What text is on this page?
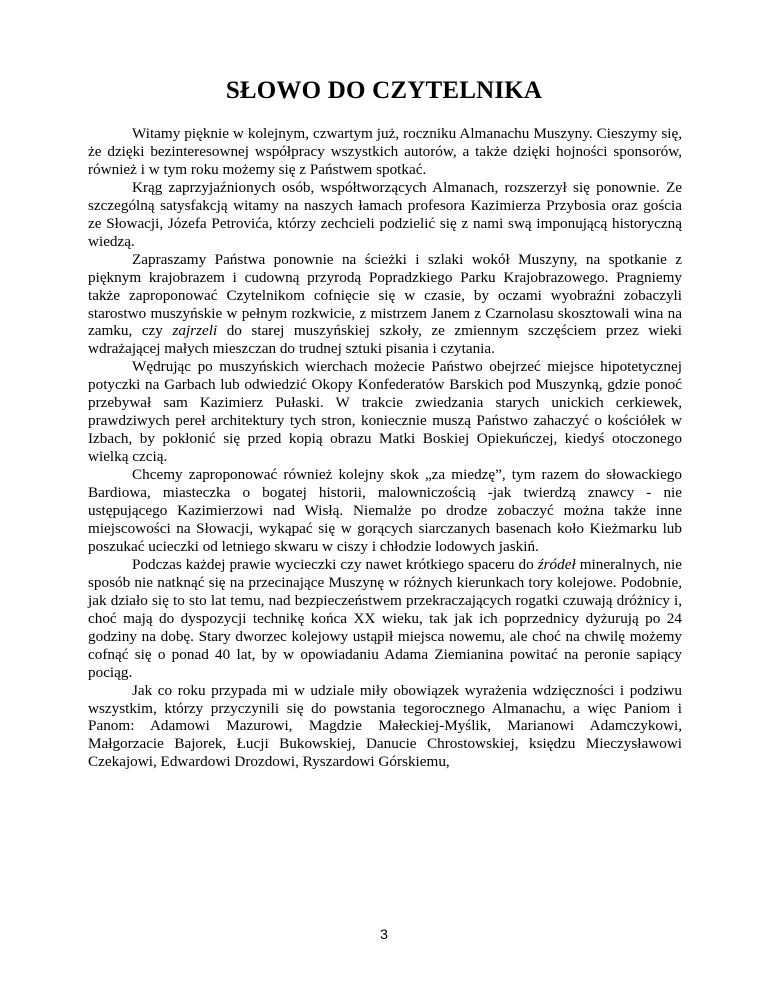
SŁOWO DO CZYTELNIKA

Witamy pięknie w kolejnym, czwartym już, roczniku Almanachu Muszyny. Cieszymy się, że dzięki bezinteresownej współpracy wszystkich autorów, a także dzięki hojności sponsorów, również i w tym roku możemy się z Państwem spotkać.

Krąg zaprzyjaźnionych osób, współtworzących Almanach, rozszerzył się ponownie. Ze szczególną satysfakcją witamy na naszych łamach profesora Kazimierza Przybosia oraz gościa ze Słowacji, Józefa Petrovića, którzy zechcieli podzielić się z nami swą imponującą historyczną wiedzą.

Zapraszamy Państwa ponownie na ścieżki i szlaki wokół Muszyny, na spotkanie z pięknym krajobrazem i cudowną przyrodą Popradzkiego Parku Krajobrazowego. Pragniemy także zaproponować Czytelnikom cofnięcie się w czasie, by oczami wyobraźni zobaczyli starostwo muszyńskie w pełnym rozkwicie, z mistrzem Janem z Czarnolasu skosztowali wina na zamku, czy zajrzeli do starej muszyńskiej szkoły, ze zmiennym szczęściem przez wieki wdrażającej małych mieszczan do trudnej sztuki pisania i czytania.

Wędrując po muszyńskich wierchach możecie Państwo obejrzeć miejsce hipotetycznej potyczki na Garbach lub odwiedzić Okopy Konfederatów Barskich pod Muszynką, gdzie ponoć przebywał sam Kazimierz Pułaski. W trakcie zwiedzania starych unickich cerkiewek, prawdziwych pereł architektury tych stron, koniecznie muszą Państwo zahaczyć o kościółek w Izbach, by pokłonić się przed kopią obrazu Matki Boskiej Opiekuńczej, kiedyś otoczonego wielką czcią.

Chcemy zaproponować również kolejny skok „za miedzę”, tym razem do słowackiego Bardiowa, miasteczka o bogatej historii, malowniczością -jak twierdzą znawcy - nie ustępującego Kazimierzowi nad Wisłą. Niemalże po drodze zobaczyć można także inne miejscowości na Słowacji, wykąpać się w gorących siarczanych basenach koło Kieżmarku lub poszukać ucieczki od letniego skwaru w ciszy i chłodzie lodowych jaskiń.

Podczas każdej prawie wycieczki czy nawet krótkiego spaceru do źródeł mineralnych, nie sposób nie natknąć się na przecinające Muszynę w różnych kierunkach tory kolejowe. Podobnie, jak działo się to sto lat temu, nad bezpieczeństwem przekraczających rogatki czuwają dróżnicy i, choć mają do dyspozycji technikę końca XX wieku, tak jak ich poprzednicy dyżurują po 24 godziny na dobę. Stary dworzec kolejowy ustąpił miejsca nowemu, ale choć na chwilę możemy cofnąć się o ponad 40 lat, by w opowiadaniu Adama Ziemianina powitać na peronie sapiący pociąg.

Jak co roku przypada mi w udziale miły obowiązek wyrażenia wdzięczności i podziwu wszystkim, którzy przyczynili się do powstania tegorocznego Almanachu, a więc Paniom i Panom: Adamowi Mazurowi, Magdzie Małeckiej-Myślik, Marianowi Adamczykowi, Małgorzacie Bajorek, Łucji Bukowskiej, Danucie Chrostowskiej, księdzu Mieczysławowi Czekajowi, Edwardowi Drozdowi, Ryszardowi Górskiemu,

3
